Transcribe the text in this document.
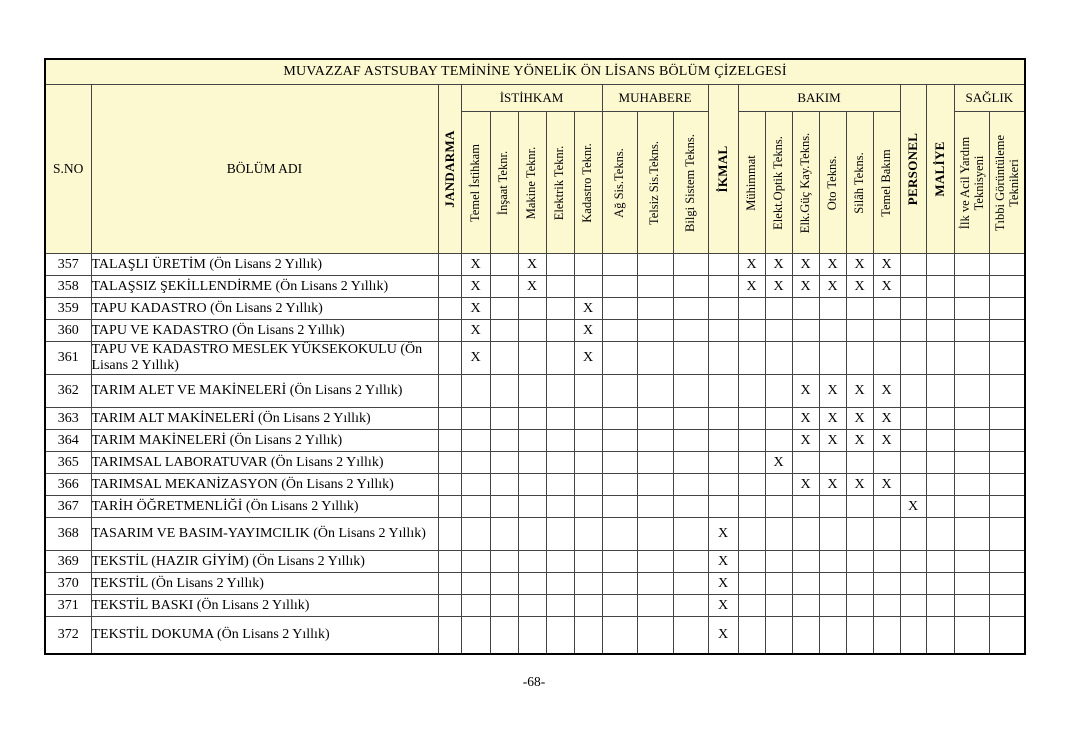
MUVAZZAF ASTSUBAY TEMİNİNE YÖNELİK ÖN LİSANS BÖLÜM ÇİZELGESİ																					
S.NO	BÖLÜM ADI	JANDARMA	İSTİHKAM					MUHABERE			İKMAL	BAKIM						PERSONEL	MALİYE	SAĞLIK	

			Temel İstihkam	İnşaat Teknr.	Makine Teknr.	Elektrik Teknr.	Kadastro Teknr.	Ağ Sis.Tekns.	Telsiz Sis.Tekns.	Bilgi Sistem Tekns.		Mühimmat	Elekt.Optik Tekns.	Elk.Güç Kay.Tekns.	Oto Tekns.	Silâh Tekns.	Temel Bakım			İlk ve Acil Yardım Teknisyeni	Tıbbi Görüntüleme Teknikeri

357	TALAŞLI ÜRETİM (Ön Lisans 2 Yıllık)		X		X							X	X	X	X	X	X				
358	TALAŞSIZ ŞEKİLLENDİRME (Ön Lisans 2 Yıllık)		X		X							X	X	X	X	X	X				
359	TAPU KADASTRO (Ön Lisans 2 Yıllık)		X				X														
360	TAPU VE KADASTRO (Ön Lisans 2 Yıllık)		X				X														
361	TAPU VE KADASTRO MESLEK YÜKSEKOKULU (Ön Lisans 2 Yıllık)		X				X														
362	TARIM ALET VE MAKİNELERİ (Ön Lisans 2 Yıllık)													X	X	X	X				
363	TARIM ALT MAKİNELERİ (Ön Lisans 2 Yıllık)													X	X	X	X				
364	TARIM MAKİNELERİ (Ön Lisans 2 Yıllık)													X	X	X	X				
365	TARIMSAL LABORATUVAR (Ön Lisans 2 Yıllık)												X								
366	TARIMSAL MEKANİZASYON (Ön Lisans 2 Yıllık)													X	X	X	X				
367	TARİH ÖĞRETMENLİĞİ (Ön Lisans 2 Yıllık)																	X			
368	TASARIM VE BASIM-YAYIMCILIK (Ön Lisans 2 Yıllık)										X										
369	TEKSTİL (HAZIR GİYİM) (Ön Lisans 2 Yıllık)										X										
370	TEKSTİL (Ön Lisans 2 Yıllık)										X										
371	TEKSTİL BASKI (Ön Lisans 2 Yıllık)										X										
372	TEKSTİL DOKUMA (Ön Lisans 2 Yıllık)										X										
-68-
